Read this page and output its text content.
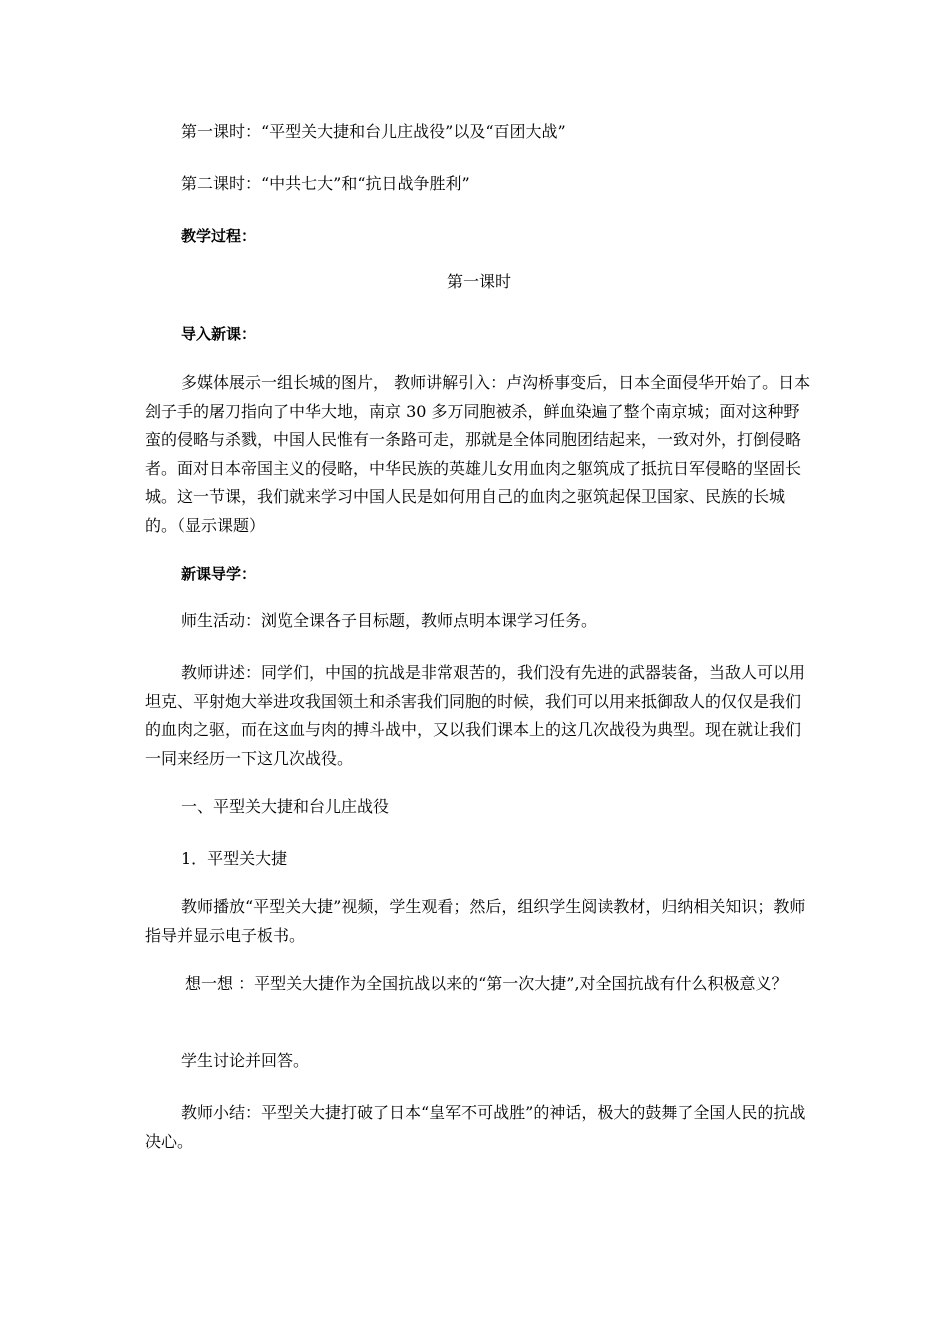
第一课时：“平型关大捷和台儿庄战役”以及“百团大战”

第二课时：“中共七大”和“抗日战争胜利”

教学过程：

第一课时

导入新课：

多媒体展示一组长城的图片， 教师讲解引入：卢沟桥事变后，日本全面侵华开始了。日本刽子手的屠刀指向了中华大地，南京 30 多万同胞被杀，鲜血染遍了整个南京城；面对这种野蛮的侵略与杀戮，中国人民惟有一条路可走，那就是全体同胞团结起来，一致对外，打倒侵略者。面对日本帝国主义的侵略，中华民族的英雄儿女用血肉之躯筑成了抵抗日军侵略的坚固长城。这一节课，我们就来学习中国人民是如何用自己的血肉之驱筑起保卫国家、民族的长城的。（显示课题）

新课导学：

师生活动：浏览全课各子目标题，教师点明本课学习任务。

教师讲述：同学们，中国的抗战是非常艰苦的，我们没有先进的武器装备，当敌人可以用坦克、平射炮大举进攻我国领土和杀害我们同胞的时候，我们可以用来抵御敌人的仅仅是我们的血肉之驱，而在这血与肉的搏斗战中，又以我们课本上的这几次战役为典型。现在就让我们一同来经历一下这几次战役。

一、平型关大捷和台儿庄战役

1．平型关大捷

教师播放“平型关大捷”视频，学生观看；然后，组织学生阅读教材，归纳相关知识；教师指导并显示电子板书。

想一想 ：平型关大捷作为全国抗战以来的“第一次大捷”,对全国抗战有什么积极意义？

学生讨论并回答。

教师小结：平型关大捷打破了日本“皇军不可战胜”的神话，极大的鼓舞了全国人民的抗战决心。
